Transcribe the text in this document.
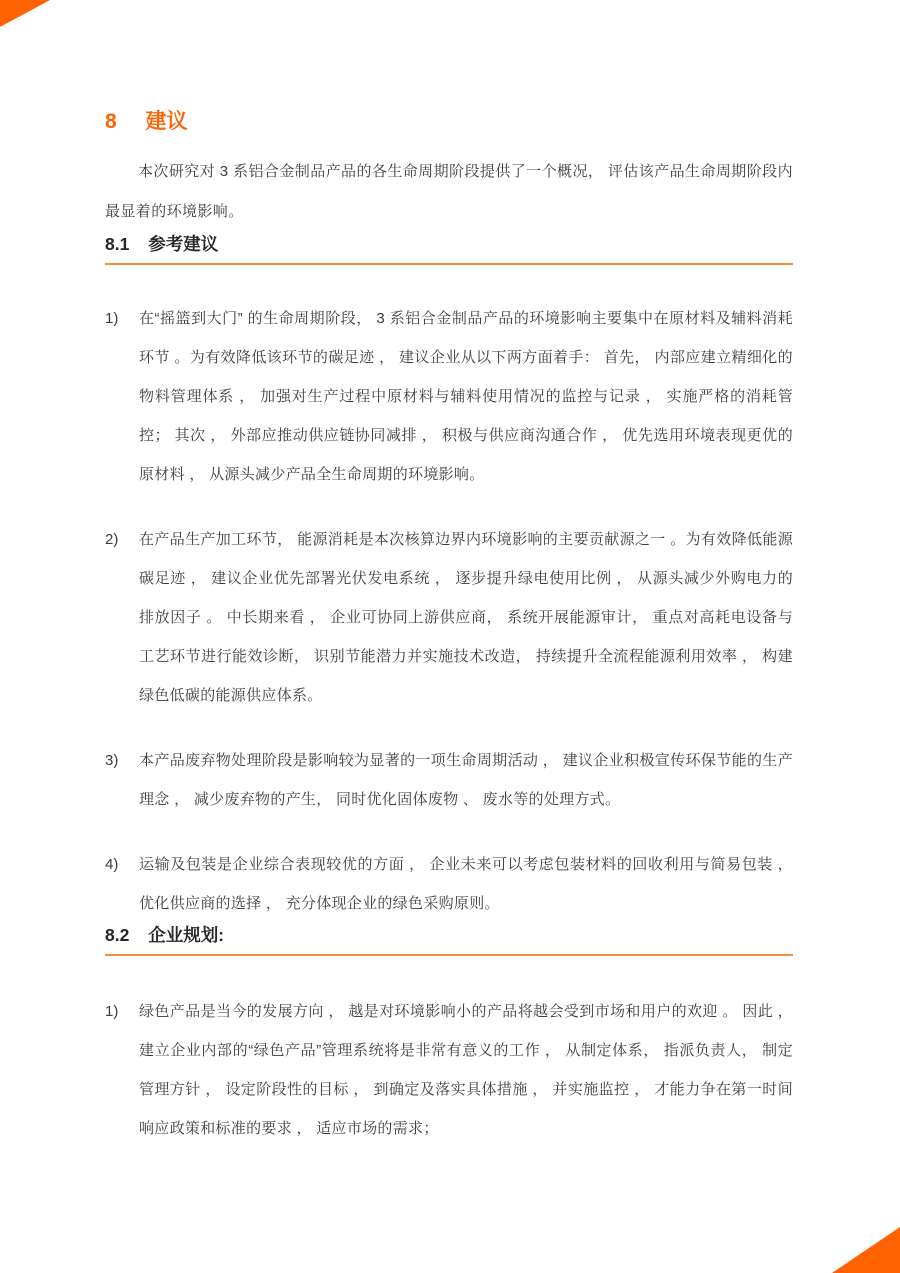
8 建议

本次研究对 3 系铝合金制品产品的各生命周期阶段提供了一个概况， 评估该产品生命周期阶段内最显着的环境影响。

8.1 参考建议
1)	在“摇篮到大门” 的生命周期阶段， 3 系铝合金制品产品的环境影响主要集中在原材料及辅料消耗环节 。为有效降低该环节的碳足迹 ， 建议企业从以下两方面着手： 首先， 内部应建立精细化的物料管理体系 ， 加强对生产过程中原材料与辅料使用情况的监控与记录 ， 实施严格的消耗管控； 其次 ， 外部应推动供应链协同减排 ， 积极与供应商沟通合作 ， 优先选用环境表现更优的原材料 ， 从源头减少产品全生命周期的环境影响。
2)	在产品生产加工环节， 能源消耗是本次核算边界内环境影响的主要贡献源之一 。为有效降低能源碳足迹 ， 建议企业优先部署光伏发电系统 ， 逐步提升绿电使用比例 ， 从源头减少外购电力的排放因子 。 中长期来看 ， 企业可协同上游供应商， 系统开展能源审计， 重点对高耗电设备与工艺环节进行能效诊断， 识别节能潜力并实施技术改造， 持续提升全流程能源利用效率 ， 构建绿色低碳的能源供应体系。
3)	本产品废弃物处理阶段是影响较为显著的一项生命周期活动 ， 建议企业积极宣传环保节能的生产理念 ， 减少废弃物的产生， 同时优化固体废物 、 废水等的处理方式。
4)	运输及包装是企业综合表现较优的方面 ， 企业未来可以考虑包装材料的回收利用与简易包装 ， 优化供应商的选择 ， 充分体现企业的绿色采购原则。
8.2 企业规划:
1)	绿色产品是当今的发展方向 ， 越是对环境影响小的产品将越会受到市场和用户的欢迎 。 因此 ， 建立企业内部的“绿色产品”管理系统将是非常有意义的工作 ， 从制定体系， 指派负责人， 制定管理方针 ， 设定阶段性的目标 ， 到确定及落实具体措施 ， 并实施监控 ， 才能力争在第一时间响应政策和标准的要求 ， 适应市场的需求；
